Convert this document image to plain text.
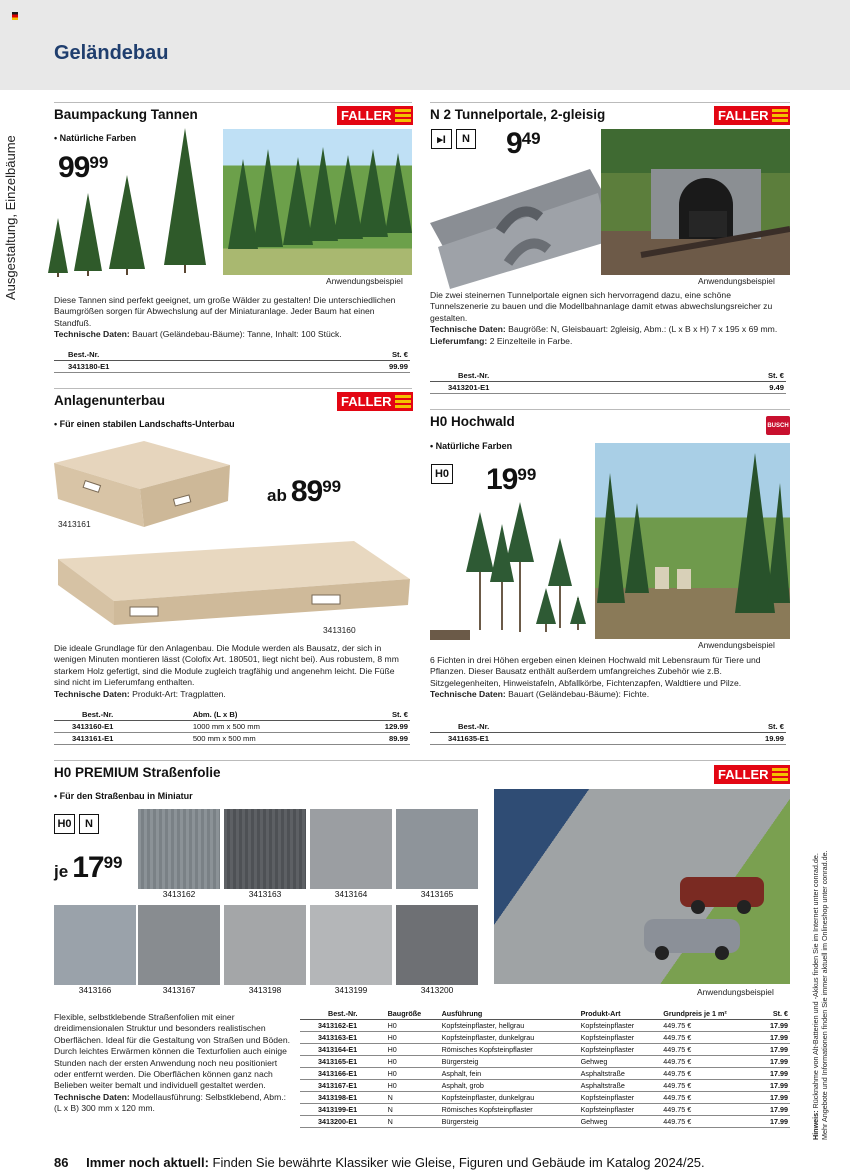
Geländebau
Ausgestaltung, Einzelbäume
Baumpackung Tannen	FALLER
• Natürliche Farben
$99^{99}$
Anwendungsbeispiel
Diese Tannen sind perfekt geeignet, um große Wälder zu gestalten! Die unterschiedlichen Baumgrößen sorgen für Abwechslung auf der Miniaturanlage. Jeder Baum hat einen Standfuß.
Technische Daten: Bauart (Geländebau-Bäume): Tanne, Inhalt: 100 Stück.
Best.-Nr.	St. €
3413180-E1	99.99
N 2 Tunnelportale, 2-gleisig	FALLER
▸I	N $9^{49}$
Anwendungsbeispiel
Die zwei steinernen Tunnelportale eignen sich hervorragend dazu, eine schöne Tunnelszenerie zu bauen und die Modellbahnanlage damit etwas abwechslungsreicher zu gestalten.
Technische Daten: Baugröße: N, Gleisbauart: 2gleisig, Abm.: (L x B x H) 7 x 195 x 69 mm.
Lieferumfang: 2 Einzelteile in Farbe.
Best.-Nr.	St. €
3413201-E1	9.49
Anlagenunterbau	FALLER
• Für einen stabilen Landschafts-Unterbau
3413161
ab $89^{99}$
3413160
Die ideale Grundlage für den Anlagenbau. Die Module werden als Bausatz, der sich in wenigen Minuten montieren lässt (Colofix Art. 180501, liegt nicht bei). Aus robustem, 8 mm starkem Holz gefertigt, sind die Module zugleich tragfähig und angenehm leicht. Die Füße sind nicht im Lieferumfang enthalten.
Technische Daten: Produkt-Art: Tragplatten.
Best.-Nr.	Abm. (L x B)	St. €
3413160-E1	1000 mm x 500 mm	129.99
3413161-E1	500 mm x 500 mm	89.99
H0 Hochwald	BUSCH
• Natürliche Farben
H0 $19^{99}$
Anwendungsbeispiel
6 Fichten in drei Höhen ergeben einen kleinen Hochwald mit Lebensraum für Tiere und Pflanzen. Dieser Bausatz enthält außerdem umfangreiches Zubehör wie z.B. Sitzgelegenheiten, Hinweistafeln, Abfallkörbe, Fichtenzapfen, Waldtiere und Pilze.
Technische Daten: Bauart (Geländebau-Bäume): Fichte.
Best.-Nr.	St. €
3411635-E1	19.99
H0 PREMIUM Straßenfolie	FALLER
• Für den Straßenbau in Miniatur
H0	N
je $17^{99}$
3413162	3413163	3413164	3413165
3413166	3413167	3413198	3413199	3413200	Anwendungsbeispiel
Flexible, selbstklebende Straßenfolien mit einer dreidimensionalen Struktur und besonders realistischen Oberflächen. Ideal für die Gestaltung von Straßen und Böden. Durch leichtes Erwärmen können die Texturfolien auch einige Stunden nach der ersten Anwendung noch neu positioniert oder entfernt werden. Die Oberflächen können ganz nach Belieben weiter bemalt und individuell gestaltet werden.
Technische Daten: Modellausführung: Selbstklebend, Abm.: (L x B) 300 mm x 120 mm.
Best.-Nr.	Baugröße	Ausführung	Produkt-Art	Grundpreis je 1 m²	St. €
3413162-E1	H0	Kopfsteinpflaster, hellgrau	Kopfsteinpflaster	449.75 €	17.99
3413163-E1	H0	Kopfsteinpflaster, dunkelgrau	Kopfsteinpflaster	449.75 €	17.99
3413164-E1	H0	Römisches Kopfsteinpflaster	Kopfsteinpflaster	449.75 €	17.99
3413165-E1	H0	Bürgersteig	Gehweg	449.75 €	17.99
3413166-E1	H0	Asphalt, fein	Asphaltstraße	449.75 €	17.99
3413167-E1	H0	Asphalt, grob	Asphaltstraße	449.75 €	17.99
3413198-E1	N	Kopfsteinpflaster, dunkelgrau	Kopfsteinpflaster	449.75 €	17.99
3413199-E1	N	Römisches Kopfsteinpflaster	Kopfsteinpflaster	449.75 €	17.99
3413200-E1	N	Bürgersteig	Gehweg	449.75 €	17.99	Hinweis: Rücknahme von Alt-Batterien und -Akkus finden Sie im Internet unter conrad.de.
Mehr Angebote und Informationen finden Sie immer aktuell im Onlineshop unter conrad.de.
86 Immer noch aktuell: Finden Sie bewährte Klassiker wie Gleise, Figuren und Gebäude im Katalog 2024/25.
